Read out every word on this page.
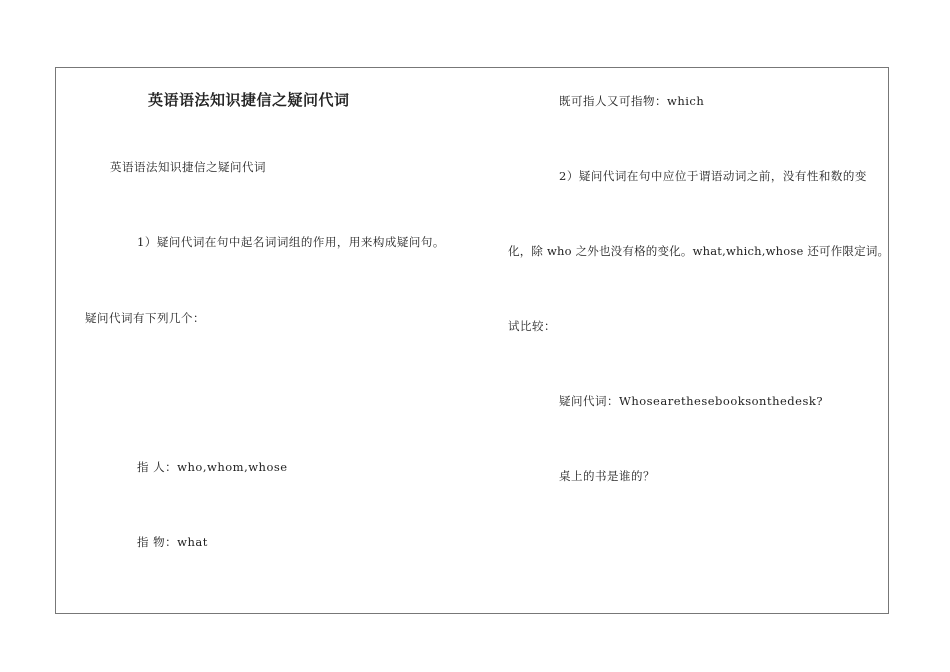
英语语法知识捷信之疑问代词
英语语法知识捷信之疑问代词
1）疑问代词在句中起名词词组的作用，用来构成疑问句。
疑问代词有下列几个：
指 人：who,whom,whose
指 物：what
既可指人又可指物：which
2）疑问代词在句中应位于谓语动词之前，没有性和数的变
化，除 who 之外也没有格的变化。what,which,whose 还可作限定词。
试比较：
疑问代词：Whosearethesebooksonthedesk?
桌上的书是谁的？
